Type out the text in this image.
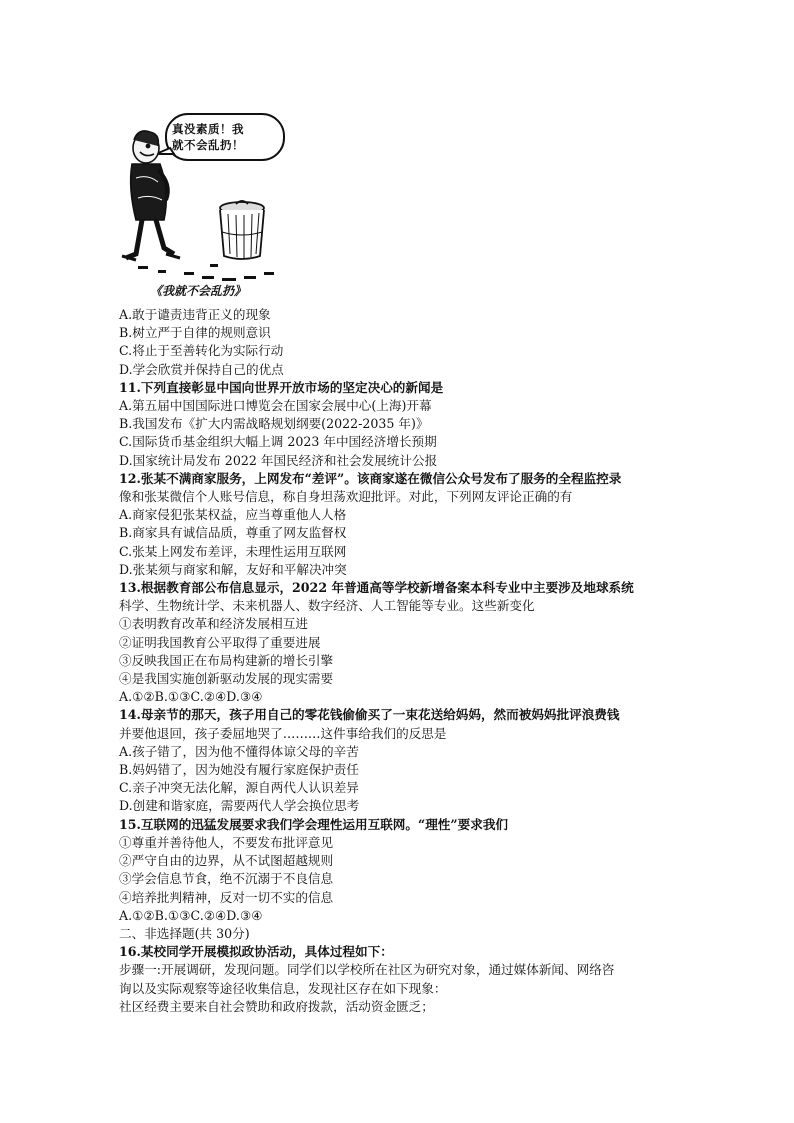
真没素质！我
就不会乱扔！
《我就不会乱扔》
A.敢于谴责违背正义的现象
B.树立严于自律的规则意识
C.将止于至善转化为实际行动
D.学会欣赏并保持自己的优点
11.下列直接彰显中国向世界开放市场的坚定决心的新闻是
A.第五届中国国际进口博览会在国家会展中心(上海)开幕
B.我国发布《扩大内需战略规划纲要(2022-2035 年)》
C.国际货币基金组织大幅上调 2023 年中国经济增长预期
D.国家统计局发布 2022 年国民经济和社会发展统计公报
12.张某不满商家服务，上网发布“差评”。该商家遂在微信公众号发布了服务的全程监控录
像和张某微信个人账号信息，称自身坦荡欢迎批评。对此，下列网友评论正确的有
A.商家侵犯张某权益，应当尊重他人人格
B.商家具有诚信品质，尊重了网友监督权
C.张某上网发布差评，未理性运用互联网
D.张某须与商家和解，友好和平解决冲突
13.根据教育部公布信息显示，2022 年普通高等学校新增备案本科专业中主要涉及地球系统
科学、生物统计学、未来机器人、数字经济、人工智能等专业。这些新变化
①表明教育改革和经济发展相互进
②证明我国教育公平取得了重要进展
③反映我国正在布局构建新的增长引擎
④是我国实施创新驱动发展的现实需要
A.①②B.①③C.②④D.③④
14.母亲节的那天，孩子用自己的零花钱偷偷买了一束花送给妈妈，然而被妈妈批评浪费钱
并要他退回，孩子委屈地哭了………这件事给我们的反思是
A.孩子错了，因为他不懂得体谅父母的辛苦
B.妈妈错了，因为她没有履行家庭保护责任
C.亲子冲突无法化解，源自两代人认识差异
D.创建和谐家庭，需要两代人学会换位思考
15.互联网的迅猛发展要求我们学会理性运用互联网。“理性”要求我们
①尊重并善待他人，不要发布批评意见
②严守自由的边界，从不试图超越规则
③学会信息节食，绝不沉溺于不良信息
④培养批判精神，反对一切不实的信息
A.①②B.①③C.②④D.③④
二、非选择题(共 30分)
16.某校同学开展模拟政协活动，具体过程如下：
步骤一:开展调研，发现问题。同学们以学校所在社区为研究对象，通过媒体新闻、网络咨
询以及实际观察等途径收集信息，发现社区存在如下现象：
社区经费主要来自社会赞助和政府拨款，活动资金匮乏；
